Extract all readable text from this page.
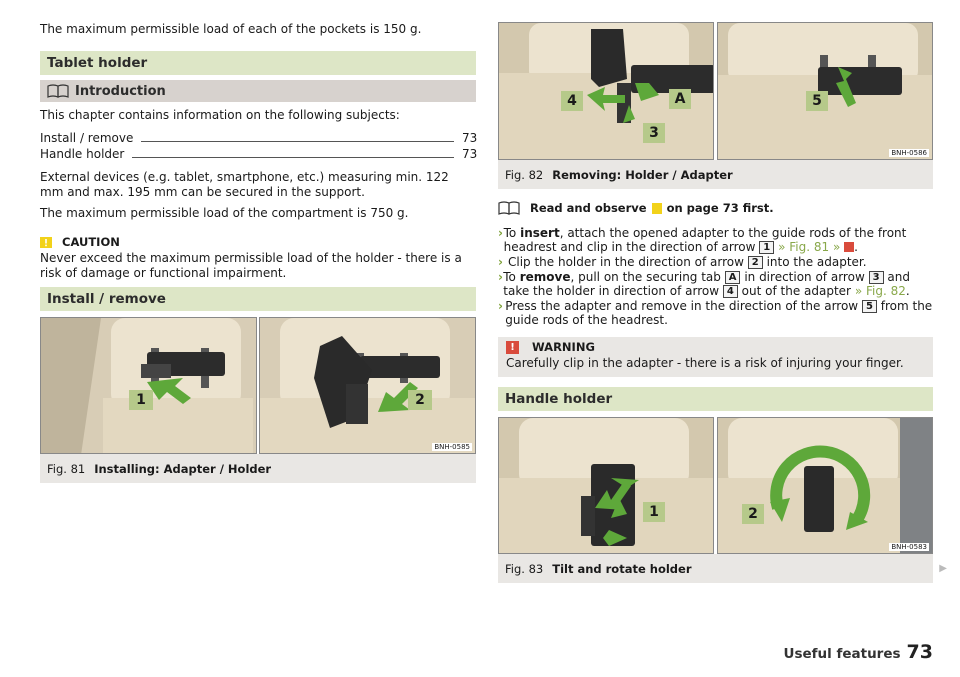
The maximum permissible load of each of the pockets is 150 g.
Tablet holder
Introduction
This chapter contains information on the following subjects:
Install / remove	73
Handle holder	73
External devices (e.g. tablet, smartphone, etc.) measuring min. 122 mm and max. 195 mm can be secured in the support.
The maximum permissible load of the compartment is 750 g.
CAUTION
Never exceed the maximum permissible load of the holder - there is a risk of damage or functional impairment.
Install / remove
1	2
BNH-0585
Fig. 81 Installing: Adapter / Holder
4	A
3
5
BNH-0586
Fig. 82 Removing: Holder / Adapter
Read and observe on page 73 first.
› To insert, attach the opened adapter to the guide rods of the front headrest and clip in the direction of arrow 1 » Fig. 81 » .
› Clip the holder in the direction of arrow 2 into the adapter.
› To remove, pull on the securing tab A in direction of arrow 3 and take the holder in direction of arrow 4 out of the adapter » Fig. 82.
› Press the adapter and remove in the direction of the arrow 5 from the guide rods of the headrest.
!	WARNING
Carefully clip in the adapter - there is a risk of injuring your finger.
Handle holder
1	2
BNH-0583
Fig. 83 Tilt and rotate holder	▶
Useful features 73
